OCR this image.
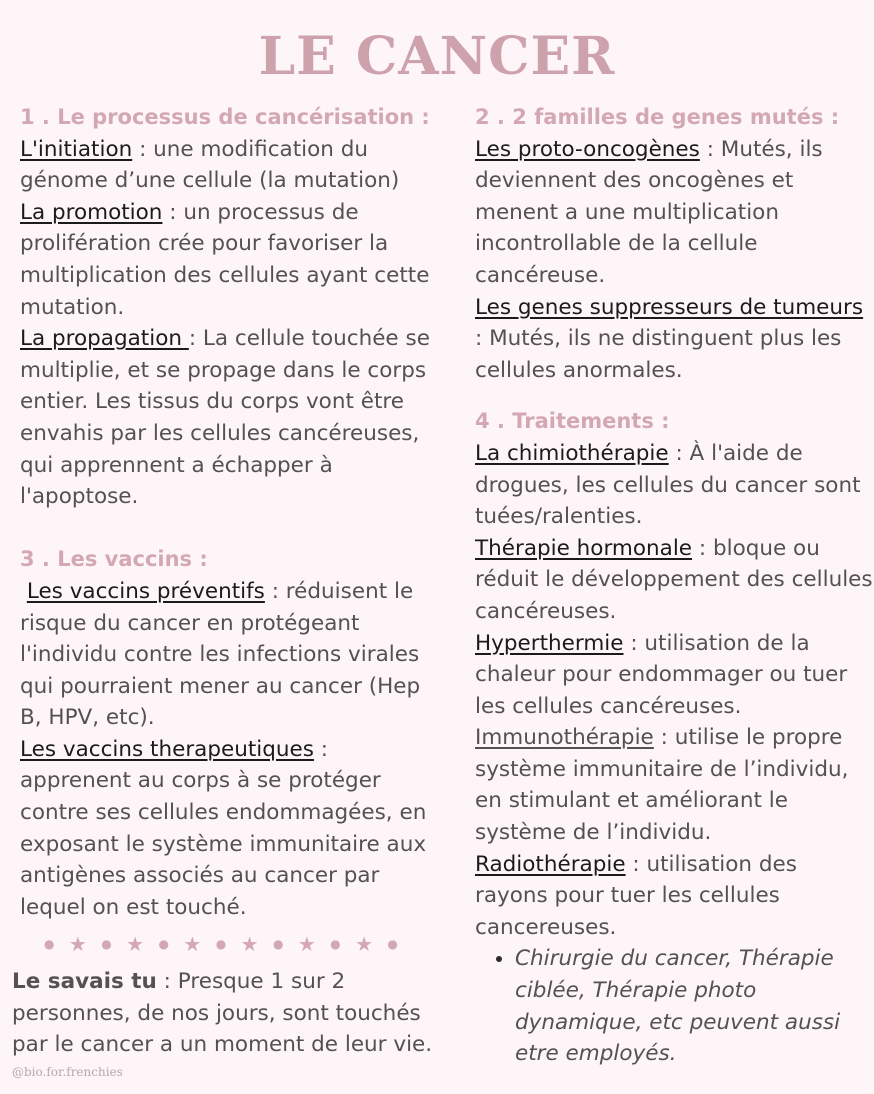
LE CANCER
1 . Le processus de cancérisation :

L'initiation : une modification du génome d’une cellule (la mutation)

La promotion : un processus de prolifération crée pour favoriser la multiplication des cellules ayant cette mutation.

La propagation : La cellule touchée se multiplie, et se propage dans le corps entier. Les tissus du corps vont être envahis par les cellules cancéreuses, qui apprennent a échapper à l'apoptose.

3 . Les vaccins :

Les vaccins préventifs : réduisent le risque du cancer en protégeant l'individu contre les infections virales qui pourraient mener au cancer (Hep B, HPV, etc).

Les vaccins therapeutiques : apprenent au corps à se protéger contre ses cellules endommagées, en exposant le système immunitaire aux antigènes associés au cancer par lequel on est touché.

● ★ ● ★ ● ★ ● ★ ● ★ ● ★ ●

Le savais tu : Presque 1 sur 2 personnes, de nos jours, sont touchés par le cancer a un moment de leur vie.

@bio.for.frenchies
2 . 2 familles de genes mutés :

Les proto-oncogènes : Mutés, ils deviennent des oncogènes et menent a une multiplication incontrollable de la cellule cancéreuse.

Les genes suppresseurs de tumeurs : Mutés, ils ne distinguent plus les cellules anormales.

4 . Traitements :

La chimiothérapie : À l'aide de drogues, les cellules du cancer sont tuées/ralenties.

Thérapie hormonale : bloque ou réduit le développement des cellules cancéreuses.

Hyperthermie : utilisation de la chaleur pour endommager ou tuer les cellules cancéreuses.

Immunothérapie : utilise le propre système immunitaire de l’individu, en stimulant et améliorant le système de l’individu.

Radiothérapie : utilisation des rayons pour tuer les cellules cancereuses.

• Chirurgie du cancer, Thérapie ciblée, Thérapie photo dynamique, etc peuvent aussi etre employés.
